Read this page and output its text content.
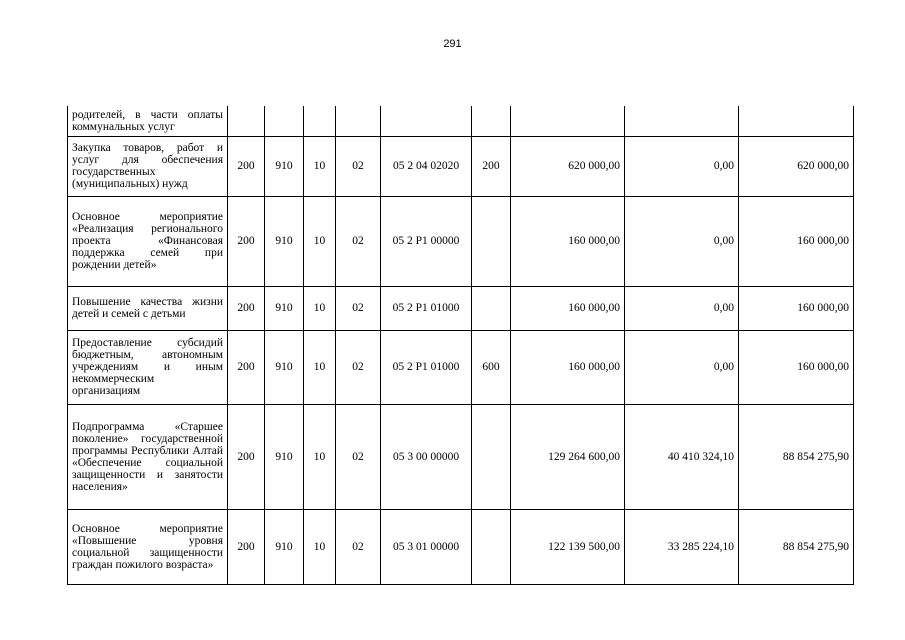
291
родителей, в части оплаты коммунальных услуг									
Закупка товаров, работ и услуг для обеспечения государственных (муниципальных) нужд	200	910	10	02	05 2 04 02020	200	620 000,00	0,00	620 000,00
Основное мероприятие «Реализация регионального проекта «Финансовая поддержка семей при рождении детей»	200	910	10	02	05 2 P1 00000		160 000,00	0,00	160 000,00
Повышение качества жизни детей и семей с детьми	200	910	10	02	05 2 P1 01000		160 000,00	0,00	160 000,00
Предоставление субсидий бюджетным, автономным учреждениям и иным некоммерческим организациям	200	910	10	02	05 2 P1 01000	600	160 000,00	0,00	160 000,00
Подпрограмма «Старшее поколение» государственной программы Республики Алтай «Обеспечение социальной защищенности и занятости населения»	200	910	10	02	05 3 00 00000		129 264 600,00	40 410 324,10	88 854 275,90
Основное мероприятие «Повышение уровня социальной защищенности граждан пожилого возраста»	200	910	10	02	05 3 01 00000		122 139 500,00	33 285 224,10	88 854 275,90
